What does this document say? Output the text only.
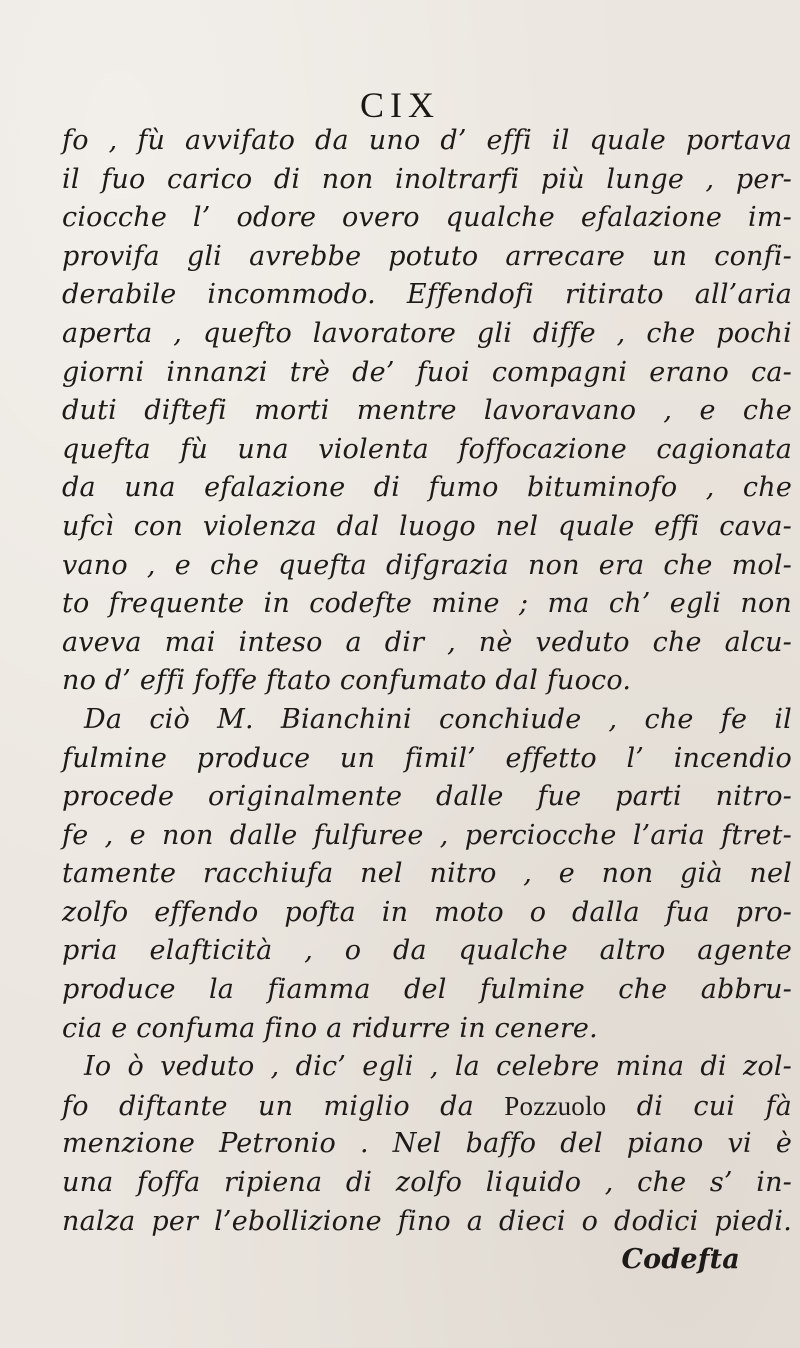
CIX
fo , fù avvifato da uno d’ effi il quale portava
il fuo carico di non inoltrarfi più lunge , per-
ciocche l’ odore overo qualche efalazione im-
provifa gli avrebbe potuto arrecare un confi-
derabile incommodo. Effendofi ritirato all’aria
aperta , quefto lavoratore gli diffe , che pochi
giorni innanzi trè de’ fuoi compagni erano ca-
duti diftefi morti mentre lavoravano , e che
quefta fù una violenta foffocazione cagionata
da una efalazione di fumo bituminofo , che
ufcì con violenza dal luogo nel quale effi cava-
vano , e che quefta difgrazia non era che mol-
to frequente in codefte mine ; ma ch’ egli non
aveva mai inteso a dir , nè veduto che alcu-
no d’ effi foffe ftato confumato dal fuoco.
Da ciò M. Bianchini conchiude , che fe il
fulmine produce un fimil’ effetto l’ incendio
procede originalmente dalle fue parti nitro-
fe , e non dalle fulfuree , perciocche l’aria ftret-
tamente racchiufa nel nitro , e non già nel
zolfo effendo pofta in moto o dalla fua pro-
pria elafticità , o da qualche altro agente
produce la fiamma del fulmine che abbru-
cia e confuma fino a ridurre in cenere.
Io ò veduto , dic’ egli , la celebre mina di zol-
fo diftante un miglio da Pozzuolo di cui fà
menzione Petronio . Nel baffo del piano vi è
una foffa ripiena di zolfo liquido , che s’ in-
nalza per l’ebollizione fino a dieci o dodici piedi.
Codefta
